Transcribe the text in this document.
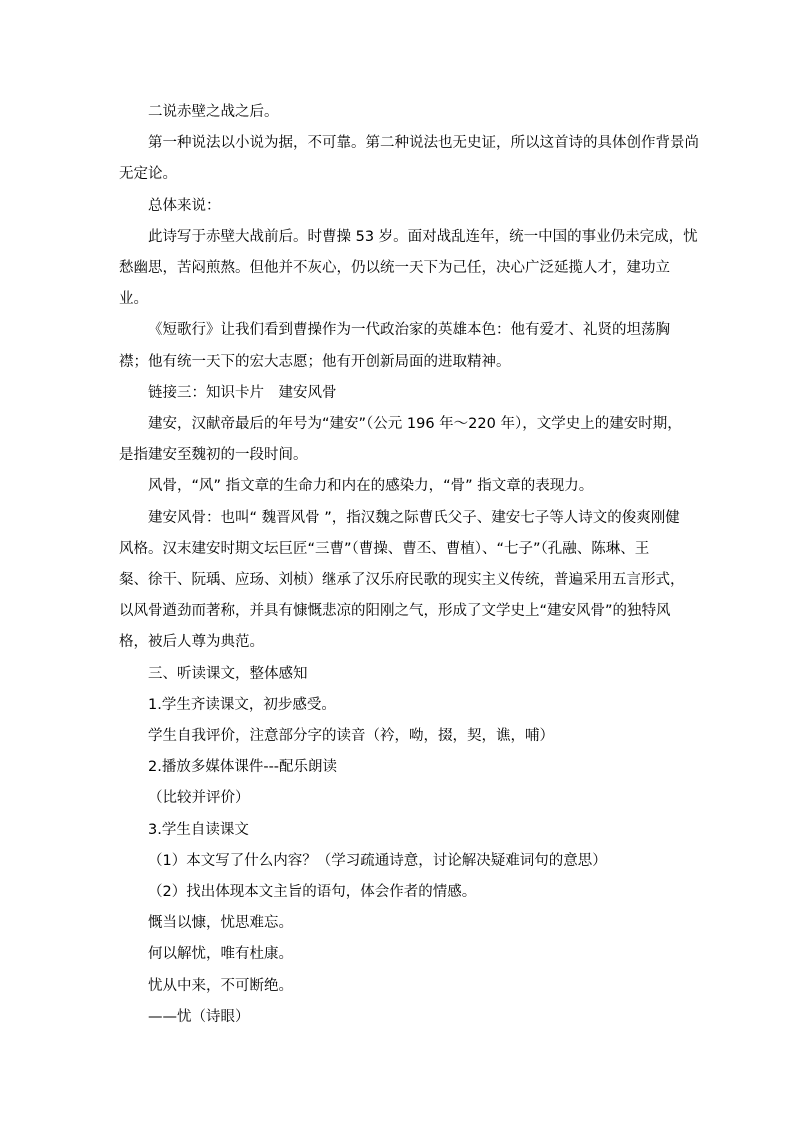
二说赤壁之战之后。
第一种说法以小说为据，不可靠。第二种说法也无史证，所以这首诗的具体创作背景尚
无定论。
总体来说：
此诗写于赤壁大战前后。时曹操 53 岁。面对战乱连年，统一中国的事业仍未完成，忧
愁幽思，苦闷煎熬。但他并不灰心，仍以统一天下为己任，决心广泛延揽人才，建功立
业。
《短歌行》让我们看到曹操作为一代政治家的英雄本色：他有爱才、礼贤的坦荡胸
襟；他有统一天下的宏大志愿；他有开创新局面的进取精神。
链接三：知识卡片　建安风骨
建安，汉献帝最后的年号为“建安”（公元 196 年～220 年），文学史上的建安时期，
是指建安至魏初的一段时间。
风骨，“风” 指文章的生命力和内在的感染力，“骨” 指文章的表现力。
建安风骨：也叫“ 魏晋风骨 ”，指汉魏之际曹氏父子、建安七子等人诗文的俊爽刚健
风格。汉末建安时期文坛巨匠“三曹”（曹操、曹丕、曹植）、“七子”（孔融、陈琳、王
粲、徐干、阮瑀、应玚、刘桢）继承了汉乐府民歌的现实主义传统，普遍采用五言形式，
以风骨遒劲而著称，并具有慷慨悲凉的阳刚之气，形成了文学史上“建安风骨”的独特风
格，被后人尊为典范。
三、听读课文，整体感知
1.学生齐读课文，初步感受。
学生自我评价，注意部分字的读音（衿，呦，掇，契，谯，哺）
2.播放多媒体课件---配乐朗读
（比较并评价）
3.学生自读课文
（1）本文写了什么内容？（学习疏通诗意，讨论解决疑难词句的意思）
（2）找出体现本文主旨的语句，体会作者的情感。
慨当以慷，忧思难忘。
何以解忧，唯有杜康。
忧从中来，不可断绝。
——忧（诗眼）
